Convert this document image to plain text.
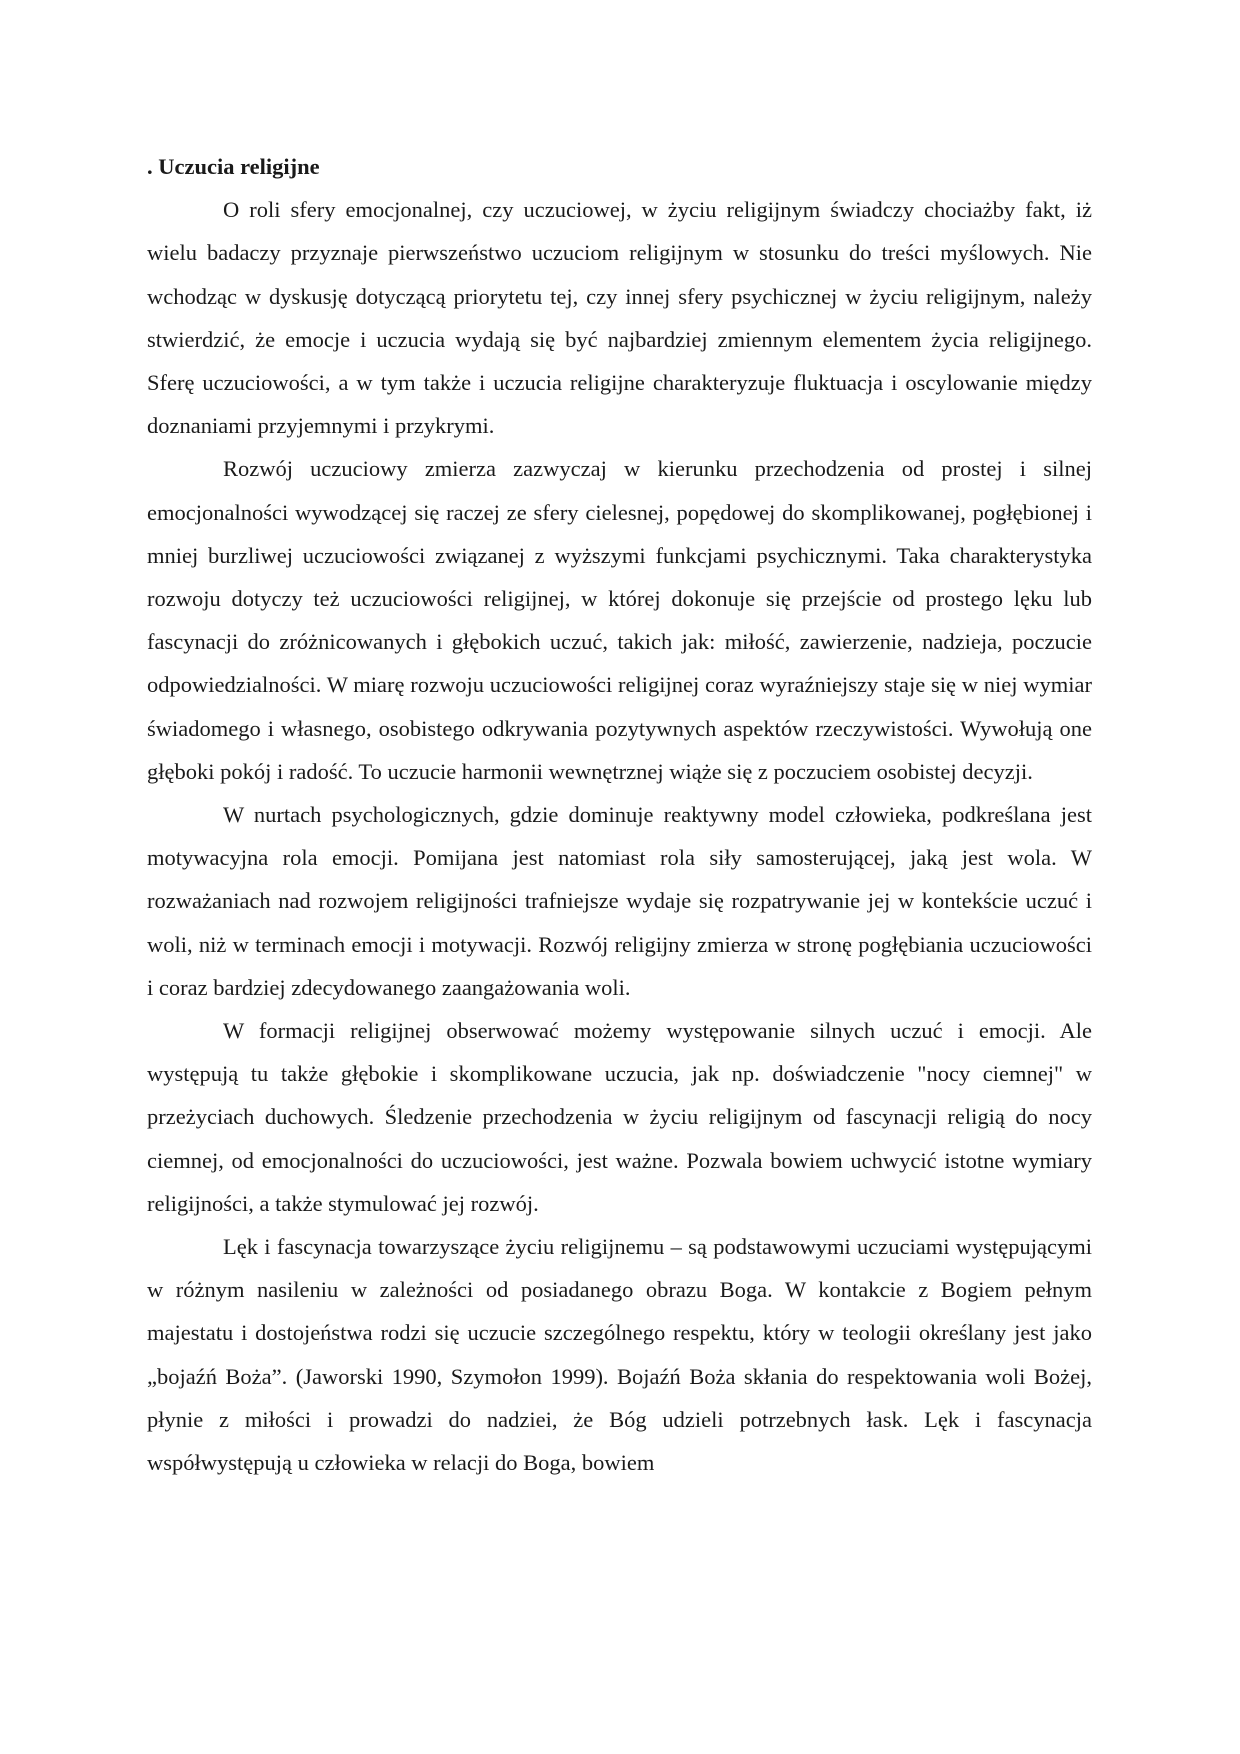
. Uczucia religijne

O roli sfery emocjonalnej, czy uczuciowej, w życiu religijnym świadczy chociażby fakt, iż wielu badaczy przyznaje pierwszeństwo uczuciom religijnym w stosunku do treści myślowych. Nie wchodząc w dyskusję dotyczącą priorytetu tej, czy innej sfery psychicznej w życiu religijnym, należy stwierdzić, że emocje i uczucia wydają się być najbardziej zmiennym elementem życia religijnego. Sferę uczuciowości, a w tym także i uczucia religijne charakteryzuje fluktuacja i oscylowanie między doznaniami przyjemnymi i przykrymi.

Rozwój uczuciowy zmierza zazwyczaj w kierunku przechodzenia od prostej i silnej emocjonalności wywodzącej się raczej ze sfery cielesnej, popędowej do skomplikowanej, pogłębionej i mniej burzliwej uczuciowości związanej z wyższymi funkcjami psychicznymi. Taka charakterystyka rozwoju dotyczy też uczuciowości religijnej, w której dokonuje się przejście od prostego lęku lub fascynacji do zróżnicowanych i głębokich uczuć, takich jak: miłość, zawierzenie, nadzieja, poczucie odpowiedzialności. W miarę rozwoju uczuciowości religijnej coraz wyraźniejszy staje się w niej wymiar świadomego i własnego, osobistego odkrywania pozytywnych aspektów rzeczywistości. Wywołują one głęboki pokój i radość. To uczucie harmonii wewnętrznej wiąże się z poczuciem osobistej decyzji.

W nurtach psychologicznych, gdzie dominuje reaktywny model człowieka, podkreślana jest motywacyjna rola emocji. Pomijana jest natomiast rola siły samosterującej, jaką jest wola. W rozważaniach nad rozwojem religijności trafniejsze wydaje się rozpatrywanie jej w kontekście uczuć i woli, niż w terminach emocji i motywacji. Rozwój religijny zmierza w stronę pogłębiania uczuciowości i coraz bardziej zdecydowanego zaangażowania woli.

W formacji religijnej obserwować możemy występowanie silnych uczuć i emocji. Ale występują tu także głębokie i skomplikowane uczucia, jak np. doświadczenie "nocy ciemnej" w przeżyciach duchowych. Śledzenie przechodzenia w życiu religijnym od fascynacji religią do nocy ciemnej, od emocjonalności do uczuciowości, jest ważne. Pozwala bowiem uchwycić istotne wymiary religijności, a także stymulować jej rozwój.

Lęk i fascynacja towarzyszące życiu religijnemu – są podstawowymi uczuciami występującymi w różnym nasileniu w zależności od posiadanego obrazu Boga. W kontakcie z Bogiem pełnym majestatu i dostojeństwa rodzi się uczucie szczególnego respektu, który w teologii określany jest jako „bojaźń Boża”. (Jaworski 1990, Szymołon 1999). Bojaźń Boża skłania do respektowania woli Bożej, płynie z miłości i prowadzi do nadziei, że Bóg udzieli potrzebnych łask. Lęk i fascynacja współwystępują u człowieka w relacji do Boga, bowiem
